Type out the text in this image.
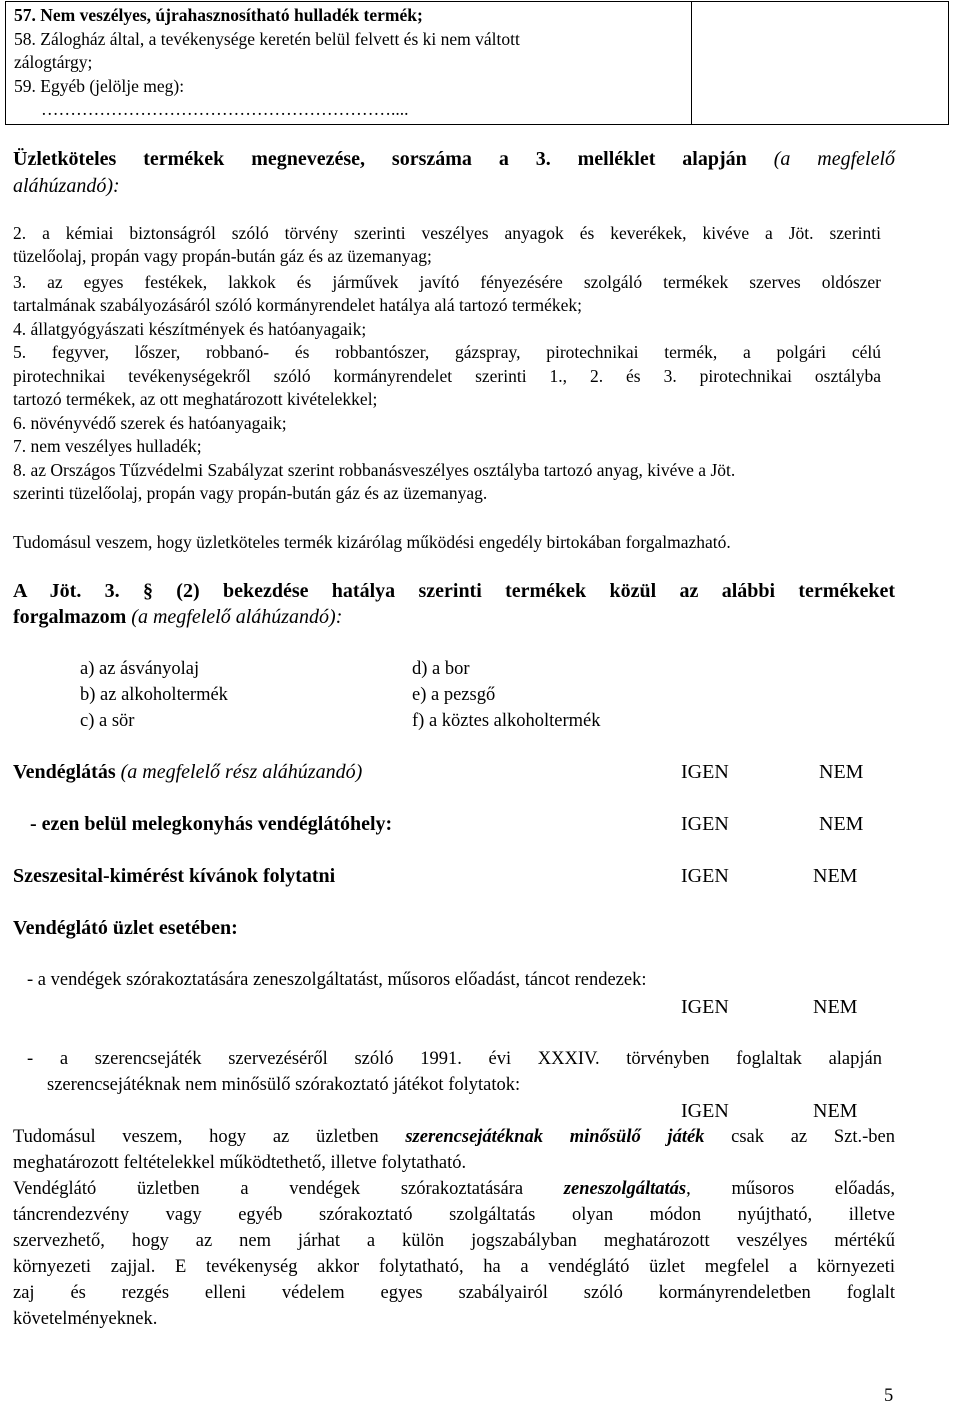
57. Nem veszélyes, újrahasznosítható hulladék termék;
58. Zálogház által, a tevékenysége keretén belül felvett és ki nem váltott
zálogtárgy;
59. Egyéb (jelölje meg):
……………………………………………………....
Üzletköteles termékek megnevezése, sorszáma a 3. melléklet alapján (a megfelelő
aláhúzandó):
2. a kémiai biztonságról szóló törvény szerinti veszélyes anyagok és keverékek, kivéve a Jöt. szerinti
tüzelőolaj, propán vagy propán-bután gáz és az üzemanyag;
3. az egyes festékek, lakkok és járművek javító fényezésére szolgáló termékek szerves oldószer
tartalmának szabályozásáról szóló kormányrendelet hatálya alá tartozó termékek;
4. állatgyógyászati készítmények és hatóanyagaik;
5. fegyver, lőszer, robbanó- és robbantószer, gázspray, pirotechnikai termék, a polgári célú
pirotechnikai tevékenységekről szóló kormányrendelet szerinti 1., 2. és 3. pirotechnikai osztályba
tartozó termékek, az ott meghatározott kivételekkel;
6. növényvédő szerek és hatóanyagaik;
7. nem veszélyes hulladék;
8. az Országos Tűzvédelmi Szabályzat szerint robbanásveszélyes osztályba tartozó anyag, kivéve a Jöt.
szerinti tüzelőolaj, propán vagy propán-bután gáz és az üzemanyag.
Tudomásul veszem, hogy üzletköteles termék kizárólag működési engedély birtokában forgalmazható.
A Jöt. 3. § (2) bekezdése hatálya szerinti termékek közül az alábbi termékeket
forgalmazom (a megfelelő aláhúzandó):
a) az ásványolaj
b) az alkoholtermék
c) a sör
d) a bor
e) a pezsgő
f) a köztes alkoholtermék
Vendéglátás (a megfelelő rész aláhúzandó)	IGEN	NEM
- ezen belül melegkonyhás vendéglátóhely:	IGEN	NEM
Szeszesital-kimérést kívánok folytatni	IGEN	NEM
Vendéglátó üzlet esetében:
- a vendégek szórakoztatására zeneszolgáltatást, műsoros előadást, táncot rendezek:
IGEN	NEM
- a szerencsejáték szervezéséről szóló 1991. évi XXXIV. törvényben foglaltak alapján
szerencsejátéknak nem minősülő szórakoztató játékot folytatok:
IGEN	NEM
Tudomásul veszem, hogy az üzletben szerencsejátéknak minősülő játék csak az Szt.-ben
meghatározott feltételekkel működtethető, illetve folytatható.
Vendéglátó üzletben a vendégek szórakoztatására zeneszolgáltatás, műsoros előadás,
táncrendezvény vagy egyéb szórakoztató szolgáltatás olyan módon nyújtható, illetve
szervezhető, hogy az nem járhat a külön jogszabályban meghatározott veszélyes mértékű
környezeti zajjal. E tevékenység akkor folytatható, ha a vendéglátó üzlet megfelel a környezeti
zaj és rezgés elleni védelem egyes szabályairól szóló kormányrendeletben foglalt
követelményeknek.
5
